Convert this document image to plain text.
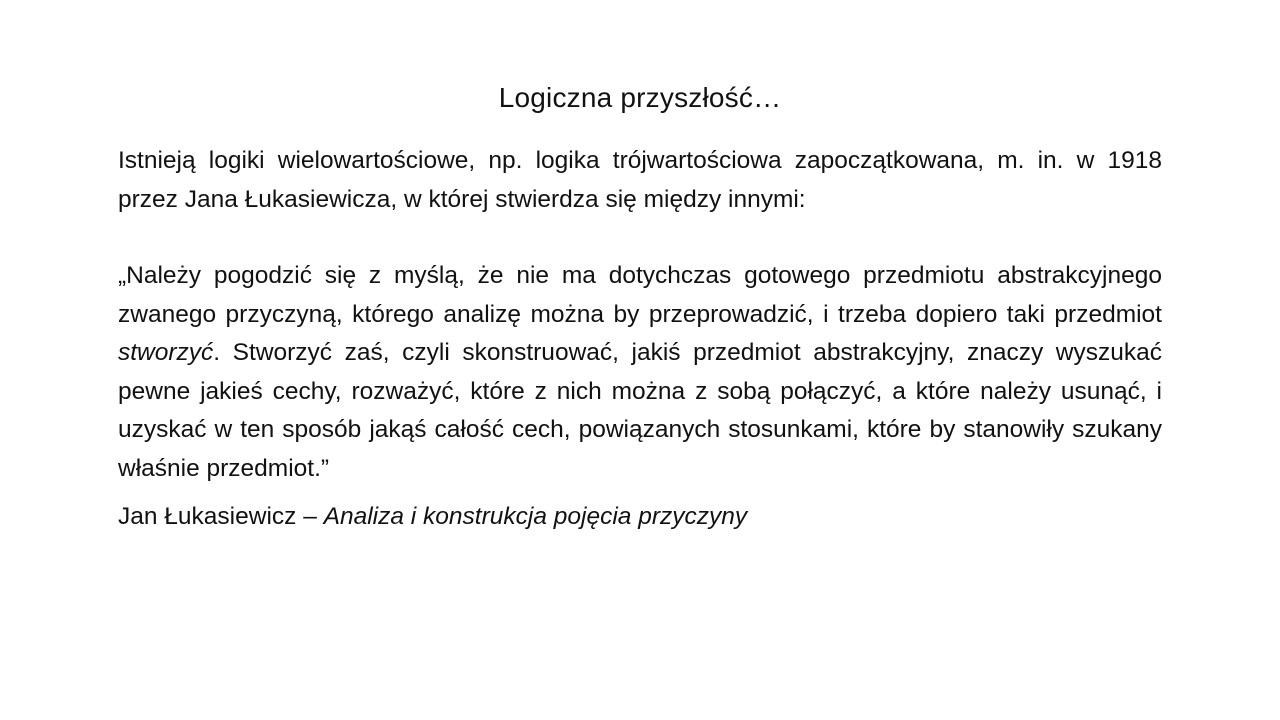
Logiczna przyszłość…

Istnieją logiki wielowartościowe, np. logika trójwartościowa zapoczątkowana, m. in. w 1918 przez Jana Łukasiewicza, w której stwierdza się między innymi:

„Należy pogodzić się z myślą, że nie ma dotychczas gotowego przedmiotu abstrakcyjnego zwanego przyczyną, którego analizę można by przeprowadzić, i trzeba dopiero taki przedmiot stworzyć. Stworzyć zaś, czyli skonstruować, jakiś przedmiot abstrakcyjny, znaczy wyszukać pewne jakieś cechy, rozważyć, które z nich można z sobą połączyć, a które należy usunąć, i uzyskać w ten sposób jakąś całość cech, powiązanych stosunkami, które by stanowiły szukany właśnie przedmiot.”

Jan Łukasiewicz – Analiza i konstrukcja pojęcia przyczyny
